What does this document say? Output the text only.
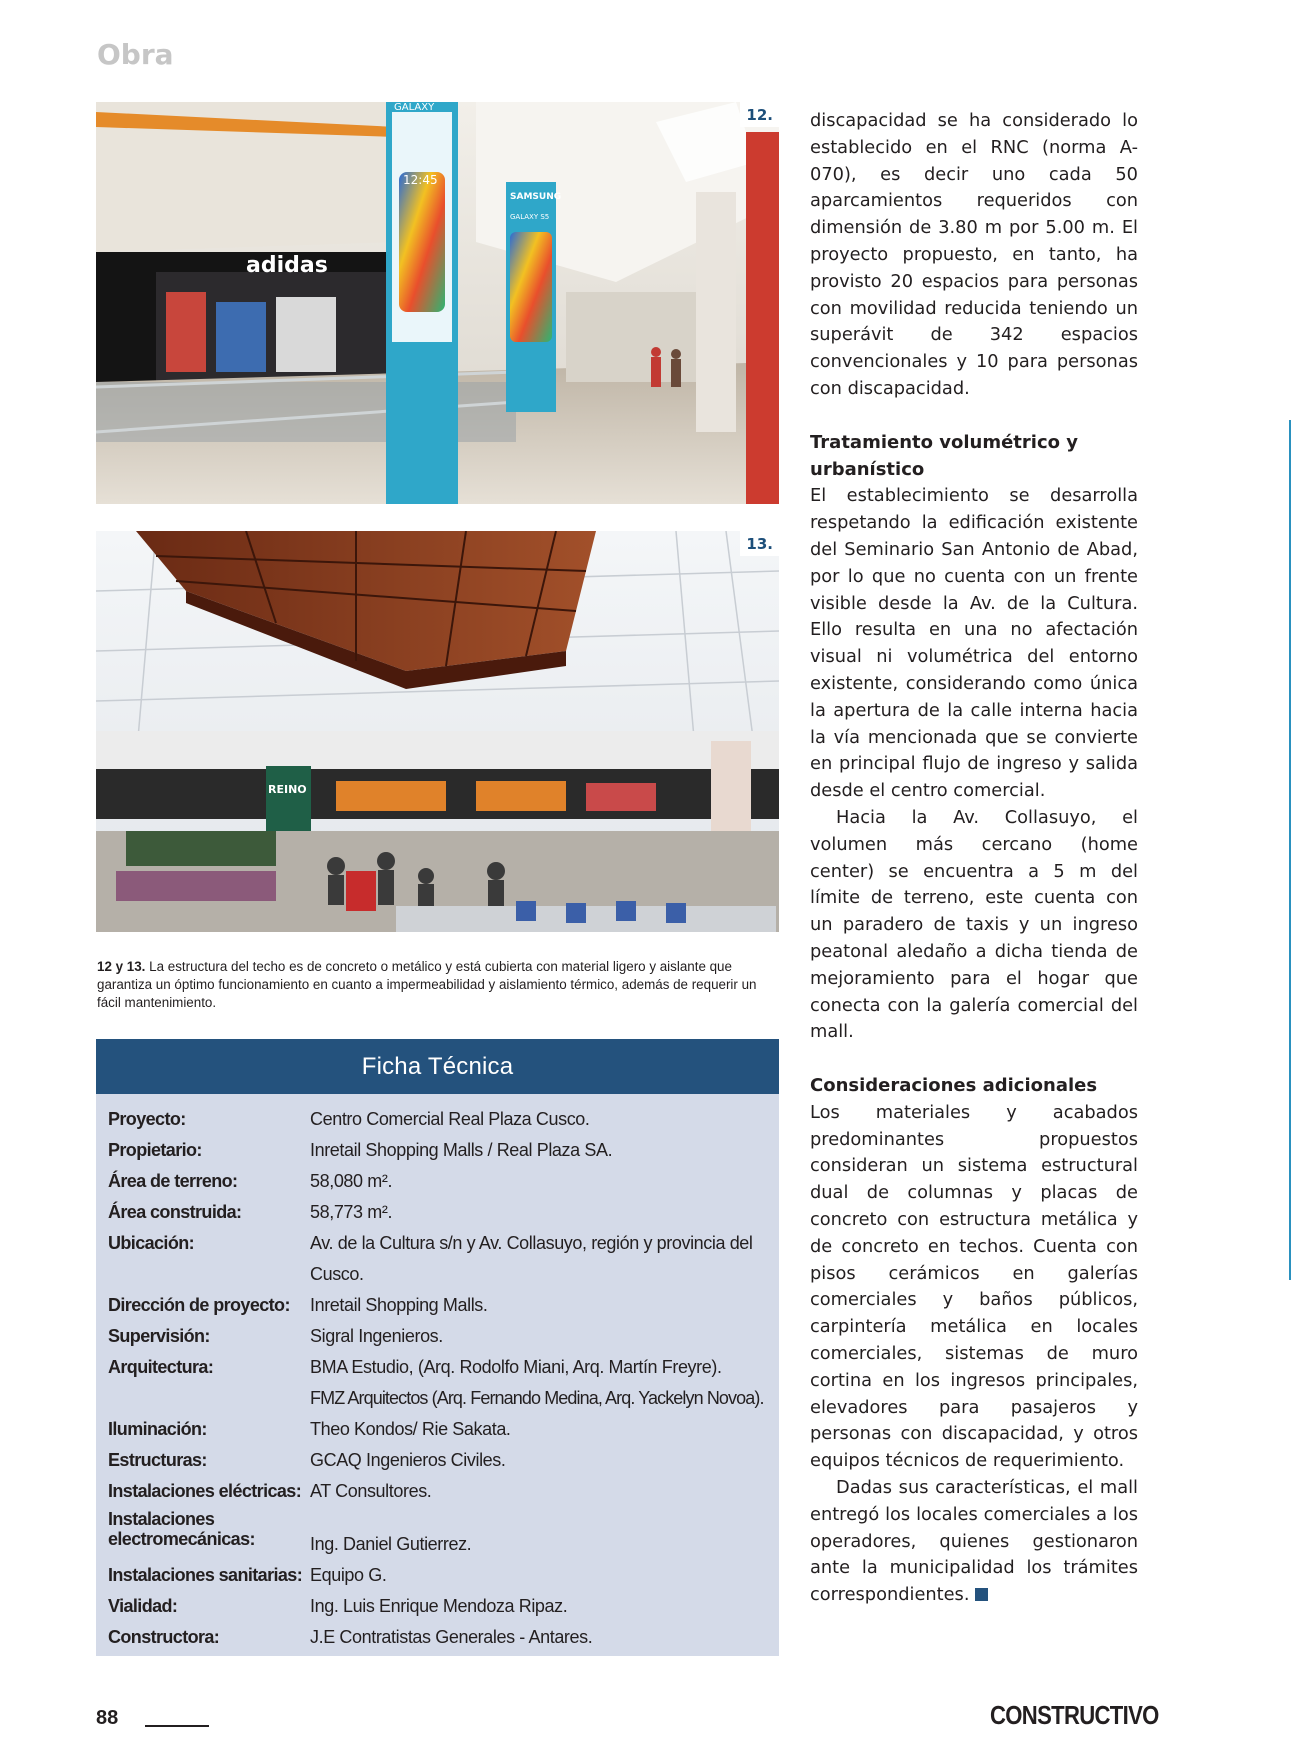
Obra
adidas
12:45
GALAXY
SAMSUNG
GALAXY S5
12.
REINO
13.
12 y 13. La estructura del techo es de concreto o metálico y está cubierta con material ligero y aislante que garantiza un óptimo funcionamiento en cuanto a impermeabilidad y aislamiento térmico, además de requerir un fácil mantenimiento.
Ficha Técnica
Proyecto:	Centro Comercial Real Plaza Cusco.
Propietario:	Inretail Shopping Malls / Real Plaza SA.
Área de terreno:	58,080 m².
Área construida:	58,773 m².
Ubicación:	Av. de la Cultura s/n y Av. Collasuyo, región y provincia del Cusco.
Dirección de proyecto:	Inretail Shopping Malls.
Supervisión:	Sigral Ingenieros.
Arquitectura:	BMA Estudio, (Arq. Rodolfo Miani, Arq. Martín Freyre).
FMZ Arquitectos (Arq. Fernando Medina, Arq. Yackelyn Novoa).
Iluminación:	Theo Kondos/ Rie Sakata.
Estructuras:	GCAQ Ingenieros Civiles.
Instalaciones eléctricas: AT Consultores.
Instalaciones electromecánicas:	Ing. Daniel Gutierrez.
Instalaciones sanitarias: Equipo G.
Vialidad:	Ing. Luis Enrique Mendoza Ripaz.
Constructora:	J.E Contratistas Generales - Antares.

discapacidad se ha considerado lo establecido en el RNC (norma A- 070), es decir uno cada 50 aparcamientos requeridos con dimensión de 3.80 m por 5.00 m. El proyecto propuesto, en tanto, ha provisto 20 espacios para personas con movilidad reducida teniendo un superávit de 342 espacios convencionales y 10 para personas con discapacidad.

Tratamiento volumétrico y urbanístico

El establecimiento se desarrolla respetando la edificación existente del Seminario San Antonio de Abad, por lo que no cuenta con un frente visible desde la Av. de la Cultura. Ello resulta en una no afectación visual ni volumétrica del entorno existente, considerando como única la apertura de la calle interna hacia la vía mencionada que se convierte en principal flujo de ingreso y salida desde el centro comercial.

Hacia la Av. Collasuyo, el volumen más cercano (home center) se encuentra a 5 m del límite de terreno, este cuenta con un paradero de taxis y un ingreso peatonal aledaño a dicha tienda de mejoramiento para el hogar que conecta con la galería comercial del mall.

Consideraciones adicionales

Los materiales y acabados predominantes propuestos consideran un sistema estructural dual de columnas y placas de concreto con estructura metálica y de concreto en techos. Cuenta con pisos cerámicos en galerías comerciales y baños públicos, carpintería metálica en locales comerciales, sistemas de muro cortina en los ingresos principales, elevadores para pasajeros y personas con discapacidad, y otros equipos técnicos de requerimiento.

Dadas sus características, el mall entregó los locales comerciales a los operadores, quienes gestionaron ante la municipalidad los trámites correspondientes.

88	CONSTRUCTIVO
